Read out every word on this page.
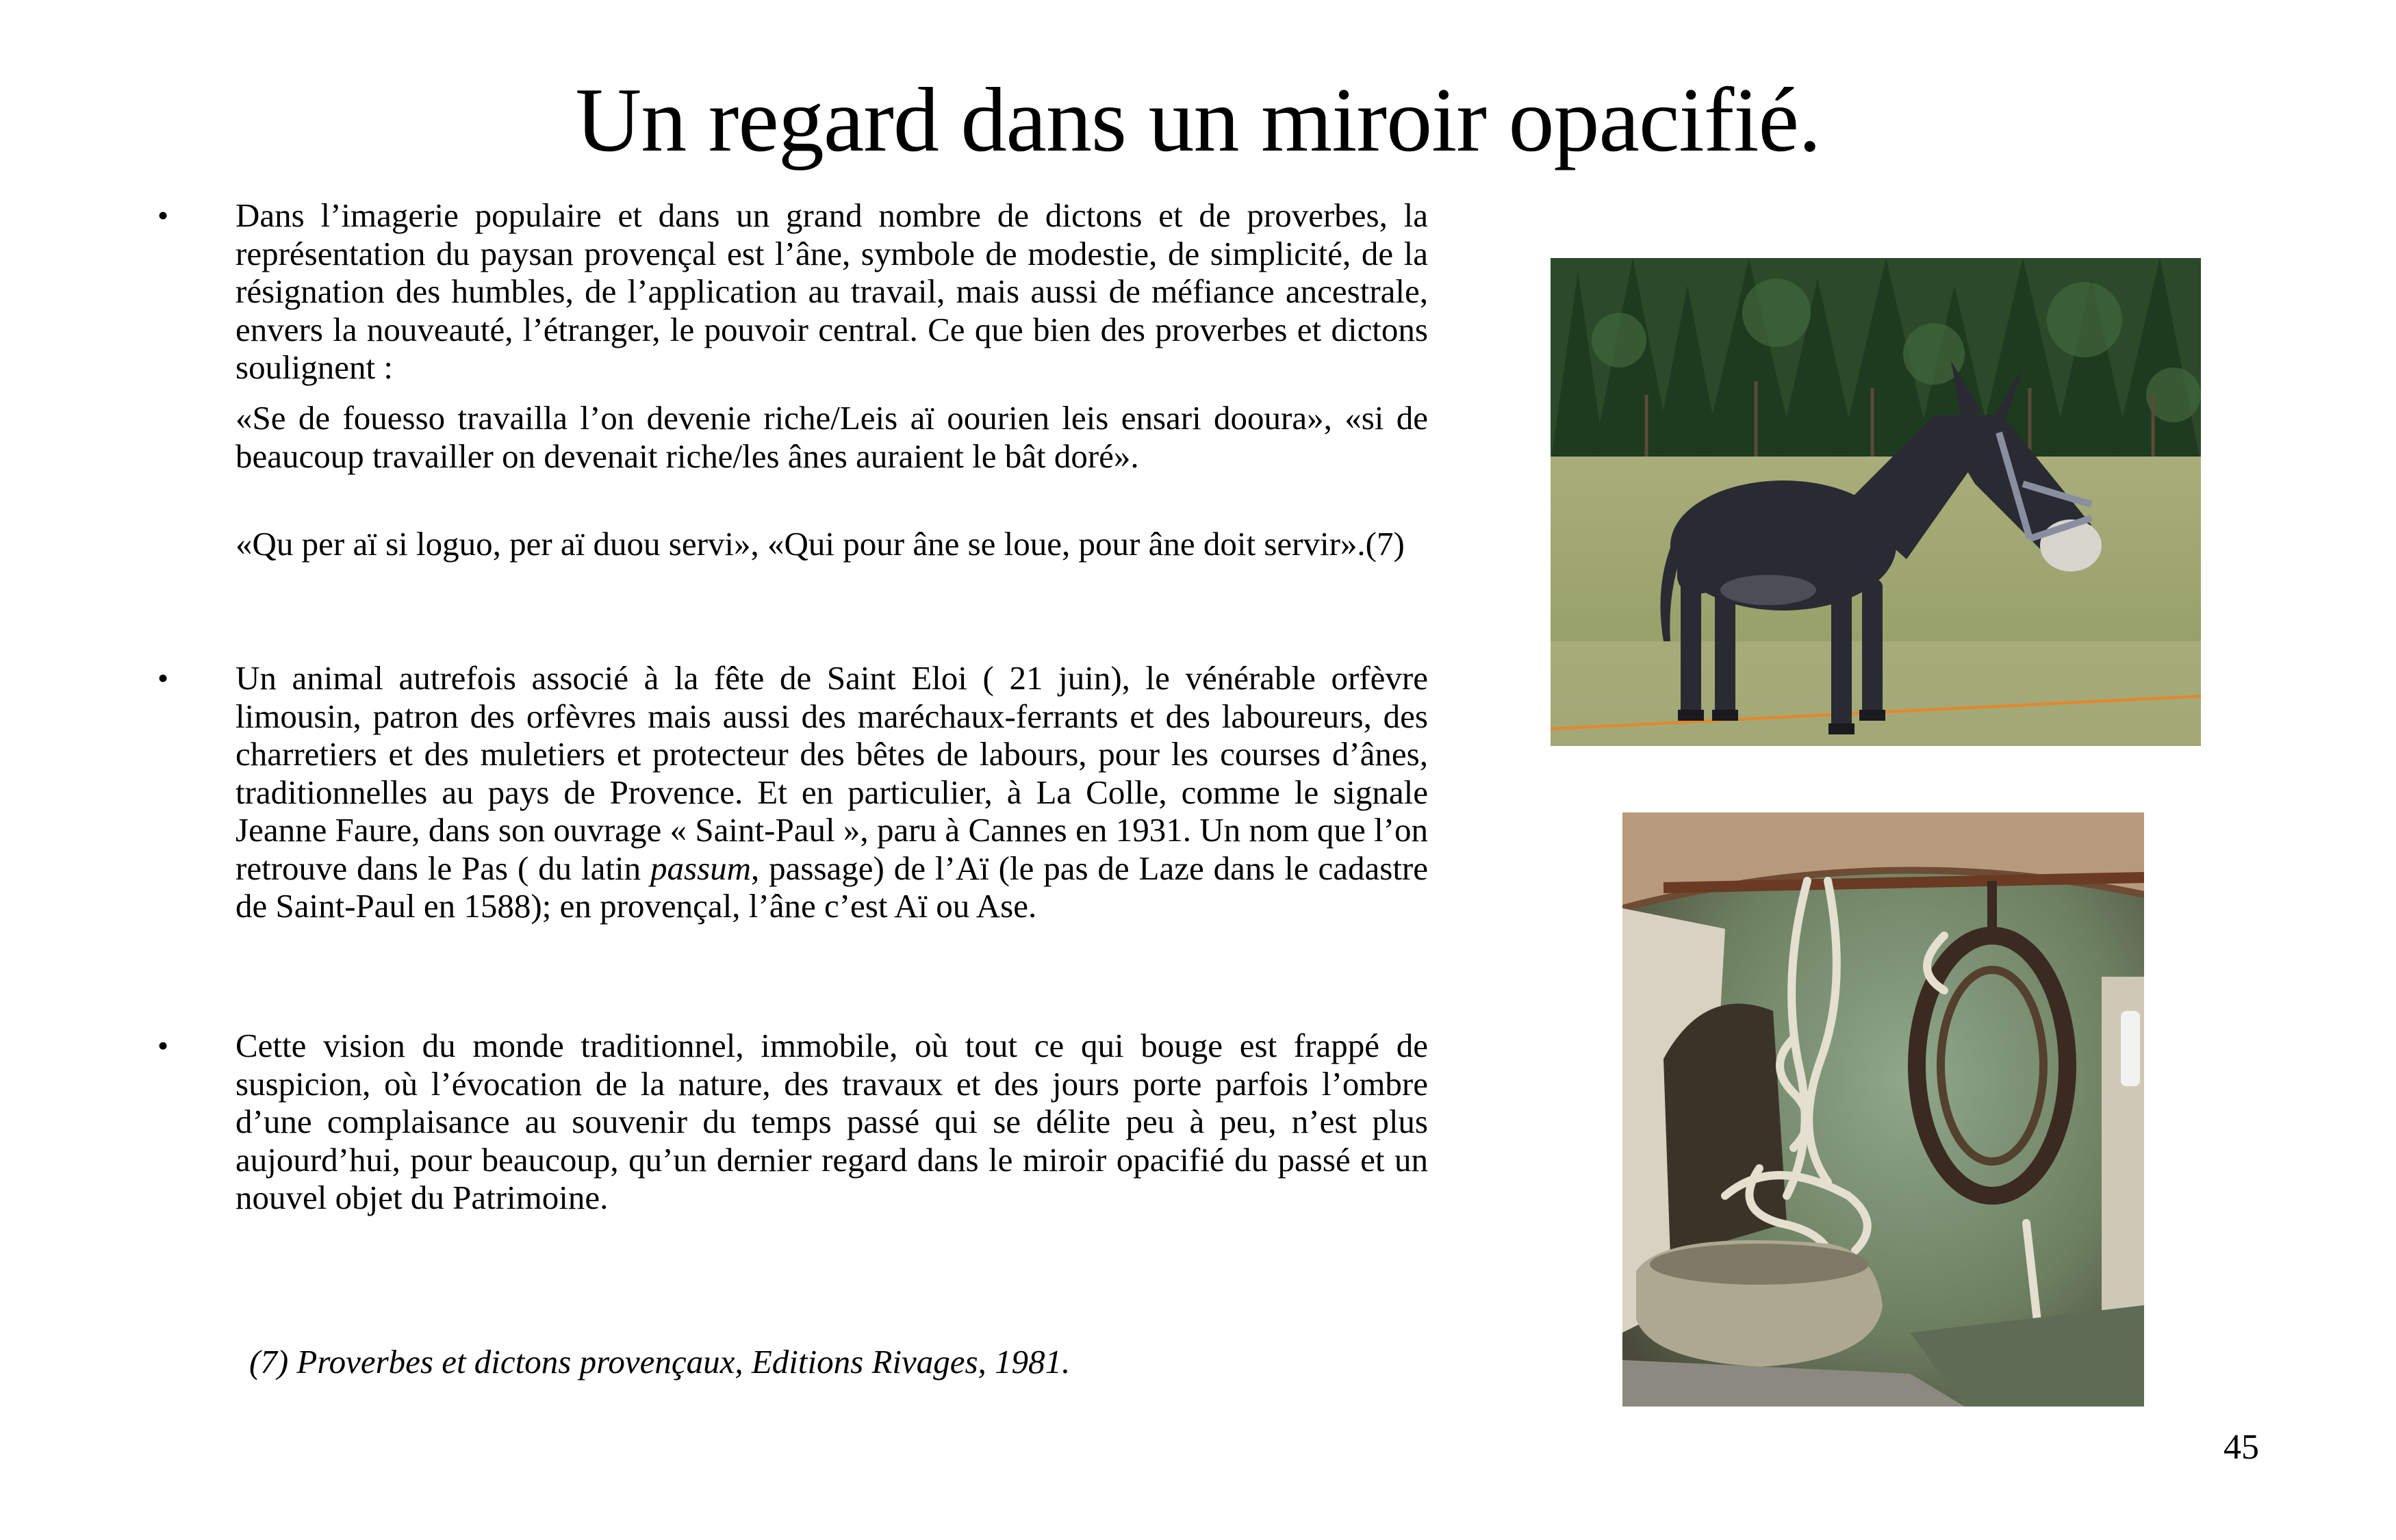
Un regard dans un miroir opacifié.
• Dans l’imagerie populaire et dans un grand nombre de dictons et de proverbes, la représentation du paysan provençal est l’âne, symbole de modestie, de simplicité, de la résignation des humbles, de l’application au travail, mais aussi de méfiance ancestrale, envers la nouveauté, l’étranger, le pouvoir central. Ce que bien des proverbes et dictons soulignent :
«Se de fouesso travailla l’on devenie riche/Leis aï oourien leis ensari dooura», «si de beaucoup travailler on devenait riche/les ânes auraient le bât doré».
«Qu per aï si loguo, per aï duou servi», «Qui pour âne se loue, pour âne doit servir».(7)
• Un animal autrefois associé à la fête de Saint Eloi ( 21 juin), le vénérable orfèvre limousin, patron des orfèvres mais aussi des maréchaux-ferrants et des laboureurs, des charretiers et des muletiers et protecteur des bêtes de labours, pour les courses d’ânes, traditionnelles au pays de Provence. Et en particulier, à La Colle, comme le signale Jeanne Faure, dans son ouvrage « Saint-Paul », paru à Cannes en 1931. Un nom que l’on retrouve dans le Pas ( du latin passum, passage) de l’Aï (le pas de Laze dans le cadastre de Saint-Paul en 1588); en provençal, l’âne c’est Aï ou Ase.
• Cette vision du monde traditionnel, immobile, où tout ce qui bouge est frappé de suspicion, où l’évocation de la nature, des travaux et des jours porte parfois l’ombre d’une complaisance au souvenir du temps passé qui se délite peu à peu, n’est plus aujourd’hui, pour beaucoup, qu’un dernier regard dans le miroir opacifié du passé et un nouvel objet du Patrimoine.
(7) Proverbes et dictons provençaux, Editions Rivages, 1981.
45
